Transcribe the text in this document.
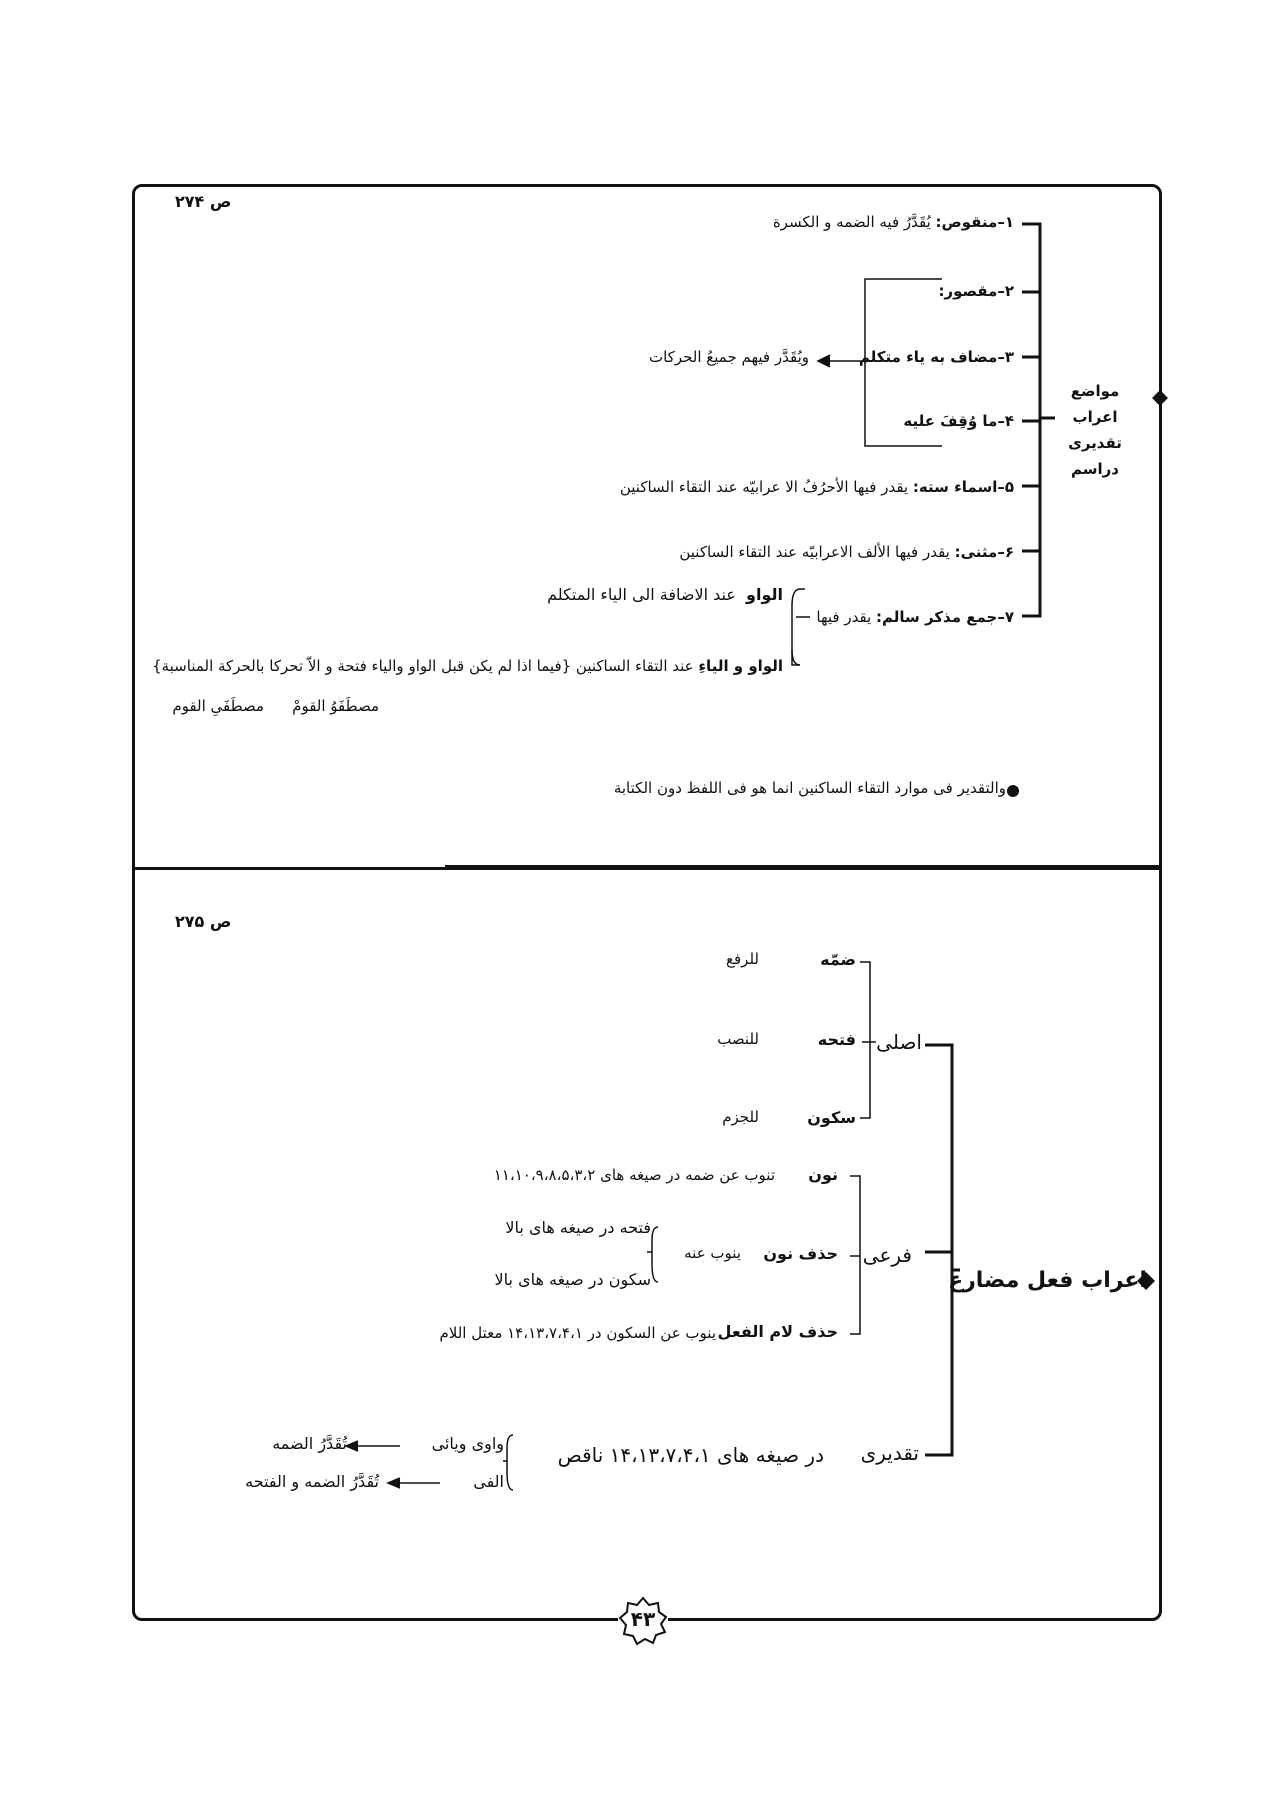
ص ۲۷۴
مواضع اعراب
تقدیری
دراسم
۱–منقوص: یُقَدَّرُ فیه الضمه و الکسرة
۲–مقصور:
۳–مضاف به یاء متکلم
ویُقَدَّر فیهم جمیعُ الحرکات
۴–ما وُقِفَ علیه
۵–اسماء سته: یقدر فیها الأحرُفُ الا عرابیّه عند التقاء الساکنین
۶–مثنی: یقدر فیها الألف الاعرابیّه عند التقاء الساکنین
۷–جمع مذکر سالم: یقدر فیها
الواو  عند الاضافة الی الیاء المتکلم
الواو و الیاءِ عند التقاء الساکنین {فیما اذا لم یکن قبل الواو والیاء فتحة و الاّ تحرکا بالحرکة المناسبة}
مصطَفَوُ القومْ
مصطَفَیِ القوم
والتقدیر فی موارد التقاء الساکنین انما هو فی اللفظ دون الکتابة
ص ۲۷۵
اعراب فعل مضارع
اصلی
ضمّه
للرفع
فتحه
للنصب
سکون
للجزم
فرعی
نون
تنوب عن ضمه در صیغه های ۱۱،۱۰،۹،۸،۵،۳،۲
حذف نون
ینوب عنه
فتحه در صیغه های بالا
سکون در صیغه های بالا
حذف لام الفعل
ینوب عن السکون در ۱۴،۱۳،۷،۴،۱ معتل اللام
تقدیری
در صیغه های ۱۴،۱۳،۷،۴،۱ ناقص
واوی ویائی
تُقَدَّرُ الضمه
الفی
تُقَدَّرُ الضمه و الفتحه
۴۳
